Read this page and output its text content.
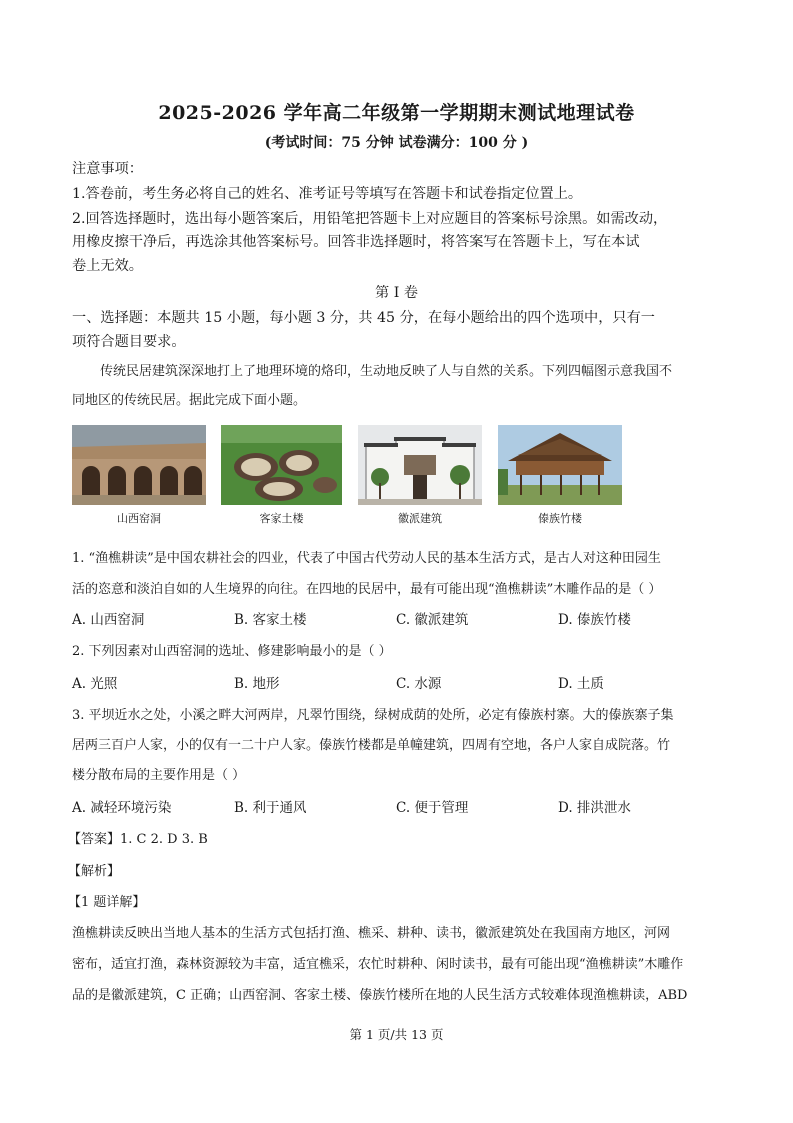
2025-2026 学年高二年级第一学期期末测试地理试卷
(考试时间：75 分钟 试卷满分：100 分 )
注意事项：
1.答卷前，考生务必将自己的姓名、准考证号等填写在答题卡和试卷指定位置上。
2.回答选择题时，选出每小题答案后，用铅笔把答题卡上对应题目的答案标号涂黑。如需改动，
用橡皮擦干净后，再选涂其他答案标号。回答非选择题时，将答案写在答题卡上，写在本试
卷上无效。
第 I 卷
一、选择题：本题共 15 小题，每小题 3 分，共 45 分，在每小题给出的四个选项中，只有一
项符合题目要求。
传统民居建筑深深地打上了地理环境的烙印，生动地反映了人与自然的关系。下列四幅图示意我国不
同地区的传统民居。据此完成下面小题。
山西窑洞	客家土楼	徽派建筑	傣族竹楼
1. “渔樵耕读”是中国农耕社会的四业，代表了中国古代劳动人民的基本生活方式，是古人对这种田园生
活的恣意和淡泊自如的人生境界的向往。在四地的民居中，最有可能出现“渔樵耕读”木雕作品的是（ ）
A. 山西窑洞	B. 客家土楼	C. 徽派建筑	D. 傣族竹楼
2. 下列因素对山西窑洞的选址、修建影响最小的是（ ）
A. 光照	B. 地形	C. 水源	D. 土质
3. 平坝近水之处，小溪之畔大河两岸，凡翠竹围绕，绿树成荫的处所，必定有傣族村寨。大的傣族寨子集
居两三百户人家，小的仅有一二十户人家。傣族竹楼都是单幢建筑，四周有空地，各户人家自成院落。竹
楼分散布局的主要作用是（ ）
A. 减轻环境污染	B. 利于通风	C. 便于管理	D. 排洪泄水
【答案】1. C 2. D 3. B
【解析】
【1 题详解】
渔樵耕读反映出当地人基本的生活方式包括打渔、樵采、耕种、读书，徽派建筑处在我国南方地区，河网
密布，适宜打渔，森林资源较为丰富，适宜樵采，农忙时耕种、闲时读书，最有可能出现“渔樵耕读”木雕作
品的是徽派建筑，C 正确；山西窑洞、客家土楼、傣族竹楼所在地的人民生活方式较难体现渔樵耕读，ABD
第 1 页/共 13 页
